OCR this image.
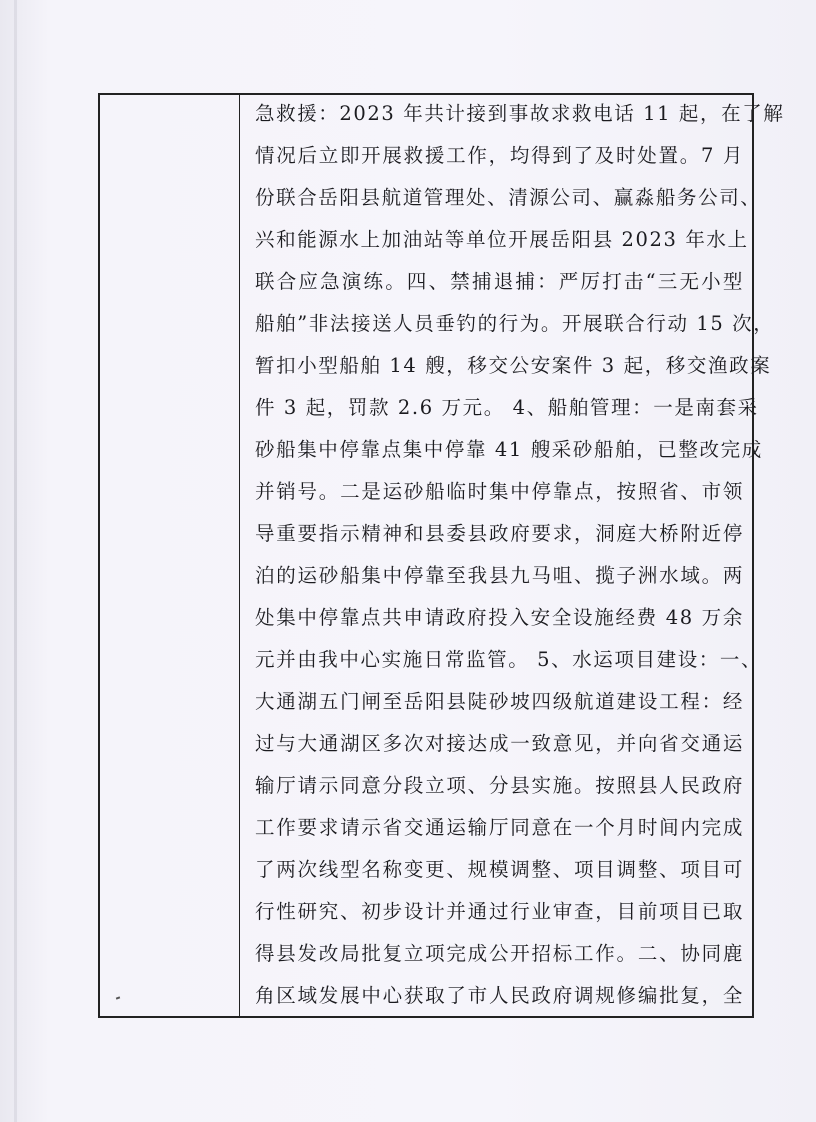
急救援：2023 年共计接到事故求救电话 11 起，在了解
情况后立即开展救援工作，均得到了及时处置。7 月
份联合岳阳县航道管理处、清源公司、赢淼船务公司、
兴和能源水上加油站等单位开展岳阳县 2023 年水上
联合应急演练。四、禁捕退捕：严厉打击“三无小型
船舶”非法接送人员垂钓的行为。开展联合行动 15 次，
暂扣小型船舶 14 艘，移交公安案件 3 起，移交渔政案
件 3 起，罚款 2.6 万元。 4、船舶管理：一是南套采
砂船集中停靠点集中停靠 41 艘采砂船舶，已整改完成
并销号。二是运砂船临时集中停靠点，按照省、市领
导重要指示精神和县委县政府要求，洞庭大桥附近停
泊的运砂船集中停靠至我县九马咀、揽子洲水域。两
处集中停靠点共申请政府投入安全设施经费 48 万余
元并由我中心实施日常监管。 5、水运项目建设：一、
大通湖五门闸至岳阳县陡砂坡四级航道建设工程：经
过与大通湖区多次对接达成一致意见，并向省交通运
输厅请示同意分段立项、分县实施。按照县人民政府
工作要求请示省交通运输厅同意在一个月时间内完成
了两次线型名称变更、规模调整、项目调整、项目可
行性研究、初步设计并通过行业审查，目前项目已取
得县发改局批复立项完成公开招标工作。二、协同鹿
角区域发展中心获取了市人民政府调规修编批复，全
